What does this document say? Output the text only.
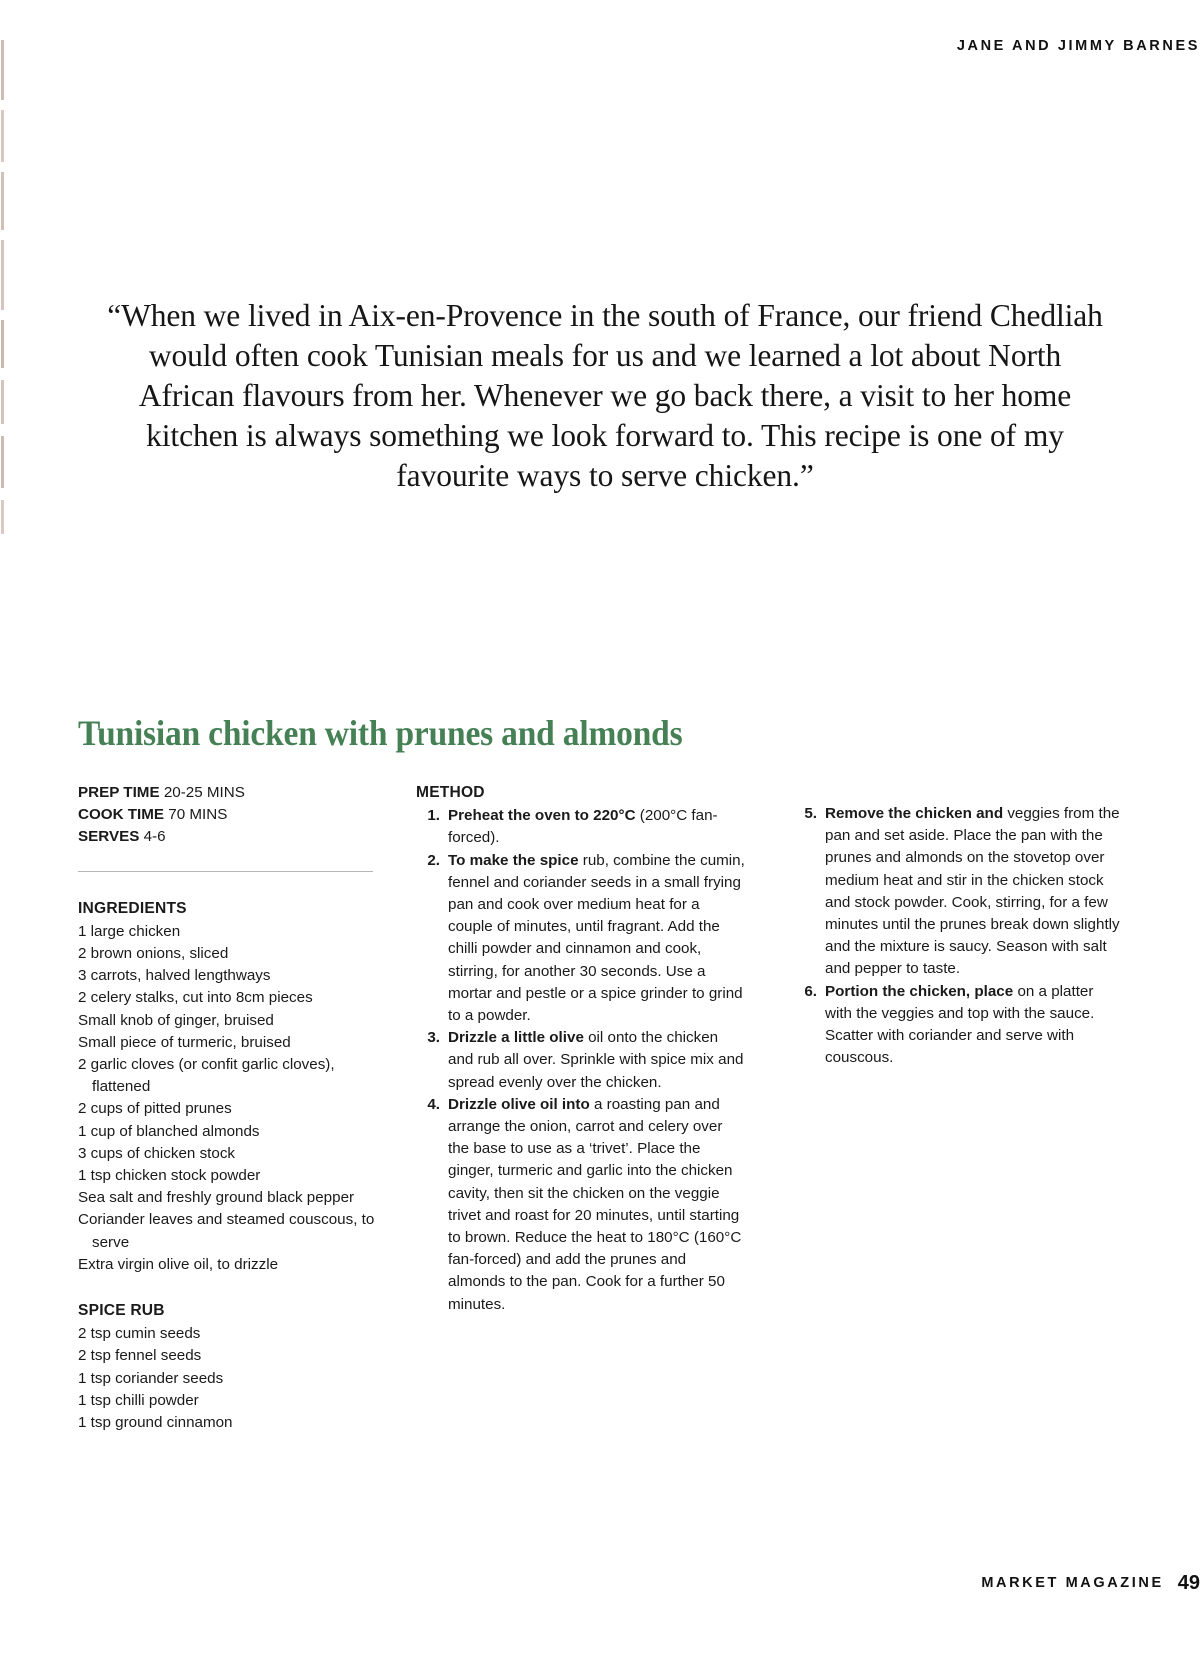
JANE AND JIMMY BARNES
“When we lived in Aix-en-Provence in the south of France, our friend Chedliah would often cook Tunisian meals for us and we learned a lot about North African flavours from her. Whenever we go back there, a visit to her home kitchen is always something we look forward to. This recipe is one of my favourite ways to serve chicken.”
Tunisian chicken with prunes and almonds
PREP TIME 20-25 MINS
COOK TIME 70 MINS
SERVES 4-6
INGREDIENTS
1 large chicken
2 brown onions, sliced
3 carrots, halved lengthways
2 celery stalks, cut into 8cm pieces
Small knob of ginger, bruised
Small piece of turmeric, bruised
2 garlic cloves (or confit garlic cloves), flattened
2 cups of pitted prunes
1 cup of blanched almonds
3 cups of chicken stock
1 tsp chicken stock powder
Sea salt and freshly ground black pepper
Coriander leaves and steamed couscous, to serve
Extra virgin olive oil, to drizzle
SPICE RUB
2 tsp cumin seeds
2 tsp fennel seeds
1 tsp coriander seeds
1 tsp chilli powder
1 tsp ground cinnamon
METHOD
1. Preheat the oven to 220°C (200°C fan-forced).
2. To make the spice rub, combine the cumin, fennel and coriander seeds in a small frying pan and cook over medium heat for a couple of minutes, until fragrant. Add the chilli powder and cinnamon and cook, stirring, for another 30 seconds. Use a mortar and pestle or a spice grinder to grind to a powder.
3. Drizzle a little olive oil onto the chicken and rub all over. Sprinkle with spice mix and spread evenly over the chicken.
4. Drizzle olive oil into a roasting pan and arrange the onion, carrot and celery over the base to use as a ‘trivet’. Place the ginger, turmeric and garlic into the chicken cavity, then sit the chicken on the veggie trivet and roast for 20 minutes, until starting to brown. Reduce the heat to 180°C (160°C fan-forced) and add the prunes and almonds to the pan. Cook for a further 50 minutes.
5. Remove the chicken and veggies from the pan and set aside. Place the pan with the prunes and almonds on the stovetop over medium heat and stir in the chicken stock and stock powder. Cook, stirring, for a few minutes until the prunes break down slightly and the mixture is saucy. Season with salt and pepper to taste.
6. Portion the chicken, place on a platter with the veggies and top with the sauce. Scatter with coriander and serve with couscous.
MARKET MAGAZINE 49
